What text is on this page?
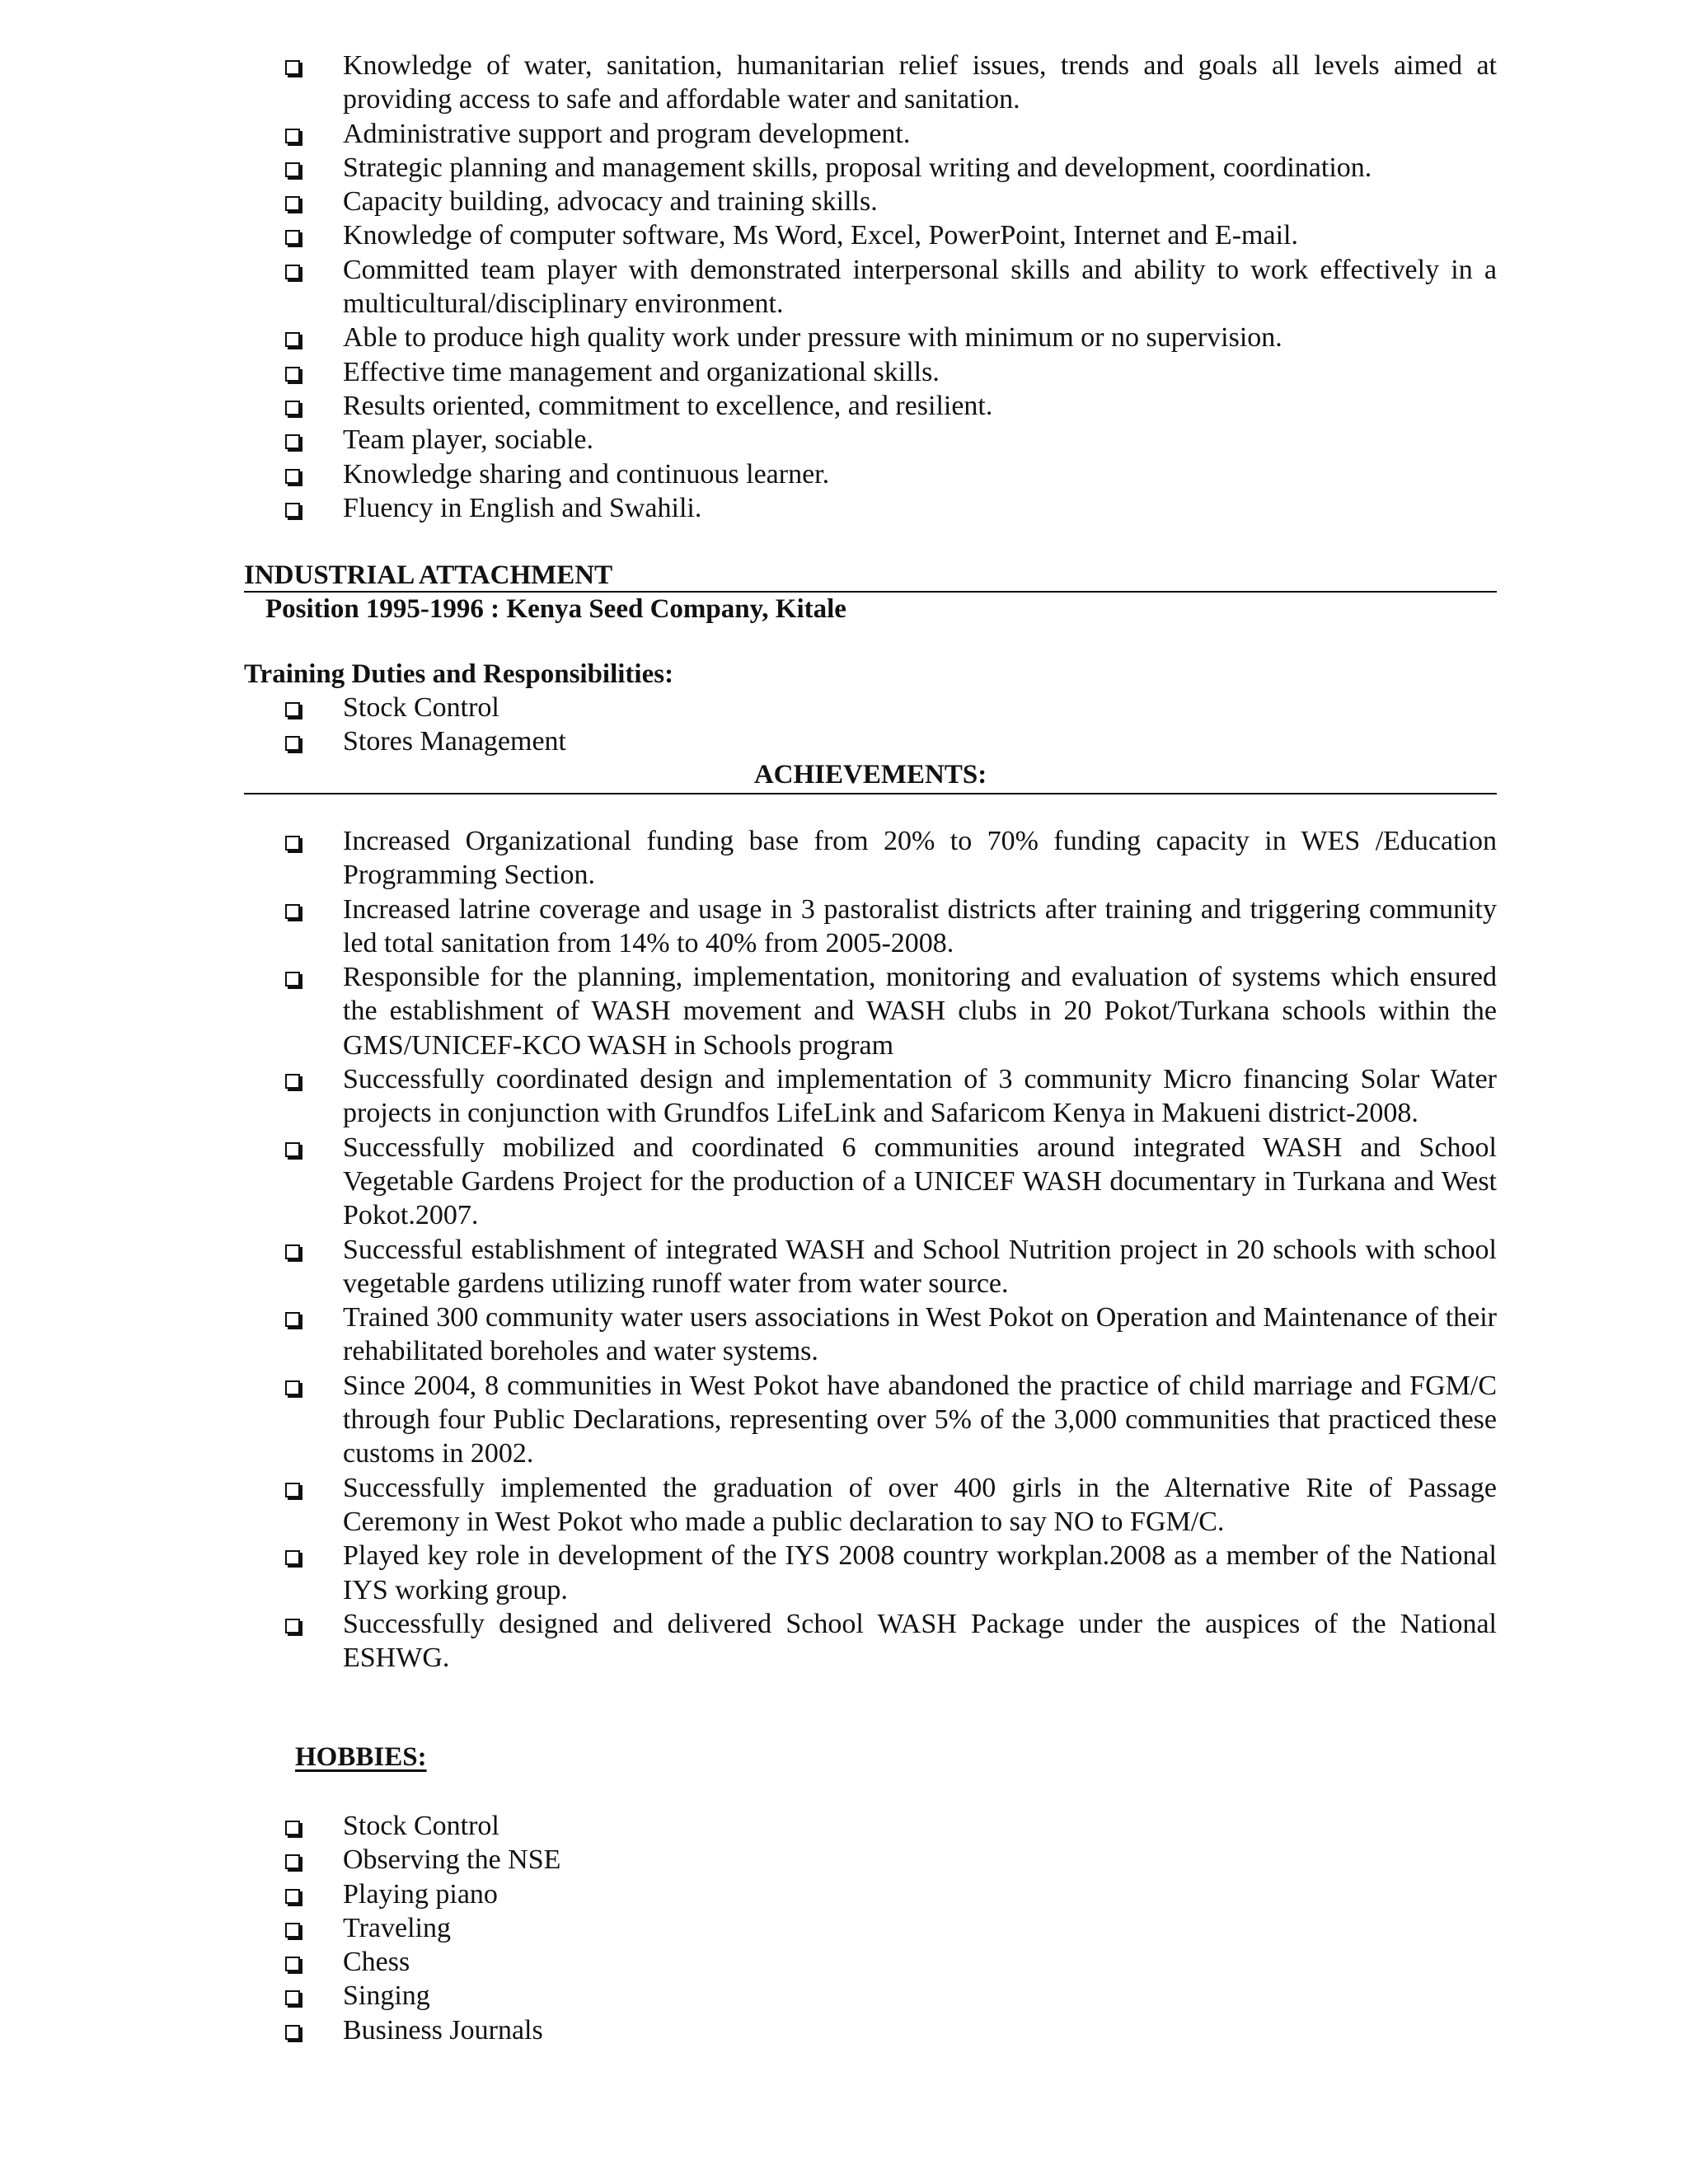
Knowledge of water, sanitation, humanitarian relief issues, trends and goals all levels aimed at providing access to safe and affordable water and sanitation.
Administrative support and program development.
Strategic planning and management skills, proposal writing and development, coordination.
Capacity building, advocacy and training skills.
Knowledge of computer software, Ms Word, Excel, PowerPoint, Internet and E-mail.
Committed team player with demonstrated interpersonal skills and ability to work effectively in a multicultural/disciplinary environment.
Able to produce high quality work under pressure with minimum or no supervision.
Effective time management and organizational skills.
Results oriented, commitment to excellence, and resilient.
Team player, sociable.
Knowledge sharing and continuous learner.
Fluency in English and Swahili.
INDUSTRIAL ATTACHMENT
Position 1995-1996 : Kenya Seed Company, Kitale
Training Duties and Responsibilities:
Stock Control
Stores Management
ACHIEVEMENTS:
Increased Organizational funding base from 20% to 70% funding capacity in WES /Education Programming Section.
Increased latrine coverage and usage in 3 pastoralist districts after training and triggering community led total sanitation from 14% to 40% from 2005-2008.
Responsible for the planning, implementation, monitoring and evaluation of systems which ensured the establishment of WASH movement and WASH clubs in 20 Pokot/Turkana schools within the GMS/UNICEF-KCO WASH in Schools program
Successfully coordinated design and implementation of 3 community Micro financing Solar Water projects in conjunction with Grundfos LifeLink and Safaricom Kenya in Makueni district-2008.
Successfully mobilized and coordinated 6 communities around integrated WASH and School Vegetable Gardens Project for the production of a UNICEF WASH documentary in Turkana and West Pokot.2007.
Successful establishment of integrated WASH and School Nutrition project in 20 schools with school vegetable gardens utilizing runoff water from water source.
Trained 300 community water users associations in West Pokot on Operation and Maintenance of their rehabilitated boreholes and water systems.
Since 2004, 8 communities in West Pokot have abandoned the practice of child marriage and FGM/C through four Public Declarations, representing over 5% of the 3,000 communities that practiced these customs in 2002.
Successfully implemented the graduation of over 400 girls in the Alternative Rite of Passage Ceremony in West Pokot who made a public declaration to say NO to FGM/C.
Played key role in development of the IYS 2008 country workplan.2008 as a member of the National IYS working group.
Successfully designed and delivered School WASH Package under the auspices of the National ESHWG.
HOBBIES:
Stock Control
Observing the NSE
Playing piano
Traveling
Chess
Singing
Business Journals
